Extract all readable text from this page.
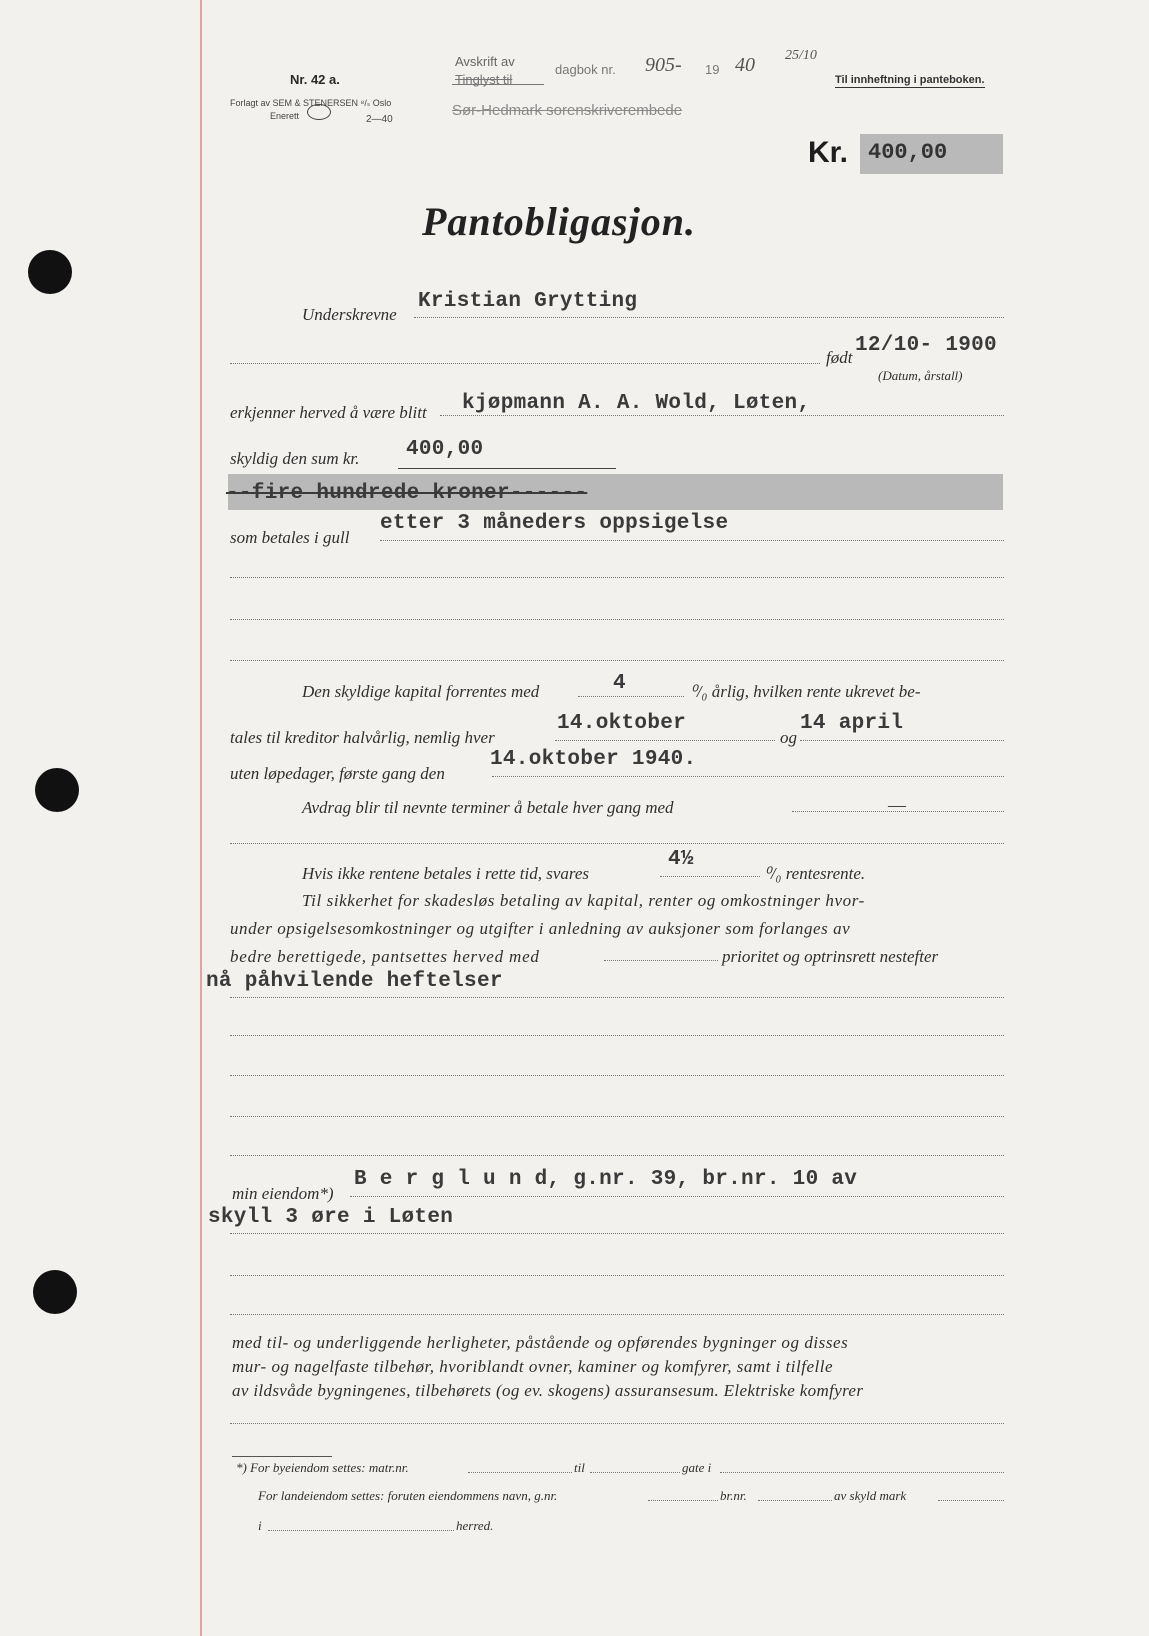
Nr. 42 a.
Forlagt av SEM & STENERSEN ⁸/ₛ Oslo
Enerett	2—40
Avskrift av
Tinglyst til
dagbok nr. 905- 19 40 25/10
Sør-Hedmark sorenskriverembede
Til innheftning i panteboken.
Kr. 400,00
Pantobligasjon.
Underskrevne
Kristian Grytting
født
12/10- 1900
(Datum, årstall)
erkjenner herved å være blitt kjøpmann A. A. Wold, Løten,
skyldig den sum kr. 400,00
--fire hundrede kroner------
som betales i gull
etter 3 måneders oppsigelse
Den skyldige kapital forrentes med	4	⁰/₀ årlig, hvilken rente ukrevet be-
tales til kreditor halvårlig, nemlig hver
14.oktober
og
14 april
uten løpedager, første gang den
14.oktober 1940.
Avdrag blir til nevnte terminer å betale hver gang med	—
Hvis ikke rentene betales i rette tid, svares
4½
⁰/₀ rentesrente.
Til sikkerhet for skadesløs betaling av kapital, renter og omkostninger hvor-
under opsigelsesomkostninger og utgifter i anledning av auksjoner som forlanges av
bedre berettigede, pantsettes herved med	prioritet og optrinsrett nestefter
nå påhvilende heftelser
min eiendom*)
B e r g l u n d, g.nr. 39, br.nr. 10 av
skyll 3 øre i Løten
med til- og underliggende herligheter, påstående og opførendes bygninger og disses
mur- og nagelfaste tilbehør, hvoriblandt ovner, kaminer og komfyrer, samt i tilfelle
av ildsvåde bygningenes, tilbehørets (og ev. skogens) assuransesum. Elektriske komfyrer
*) For byeiendom settes: matr.nr.	til	gate i
For landeiendom settes: foruten eiendommens navn, g.nr.	br.nr.	av skyld mark
i	herred.
